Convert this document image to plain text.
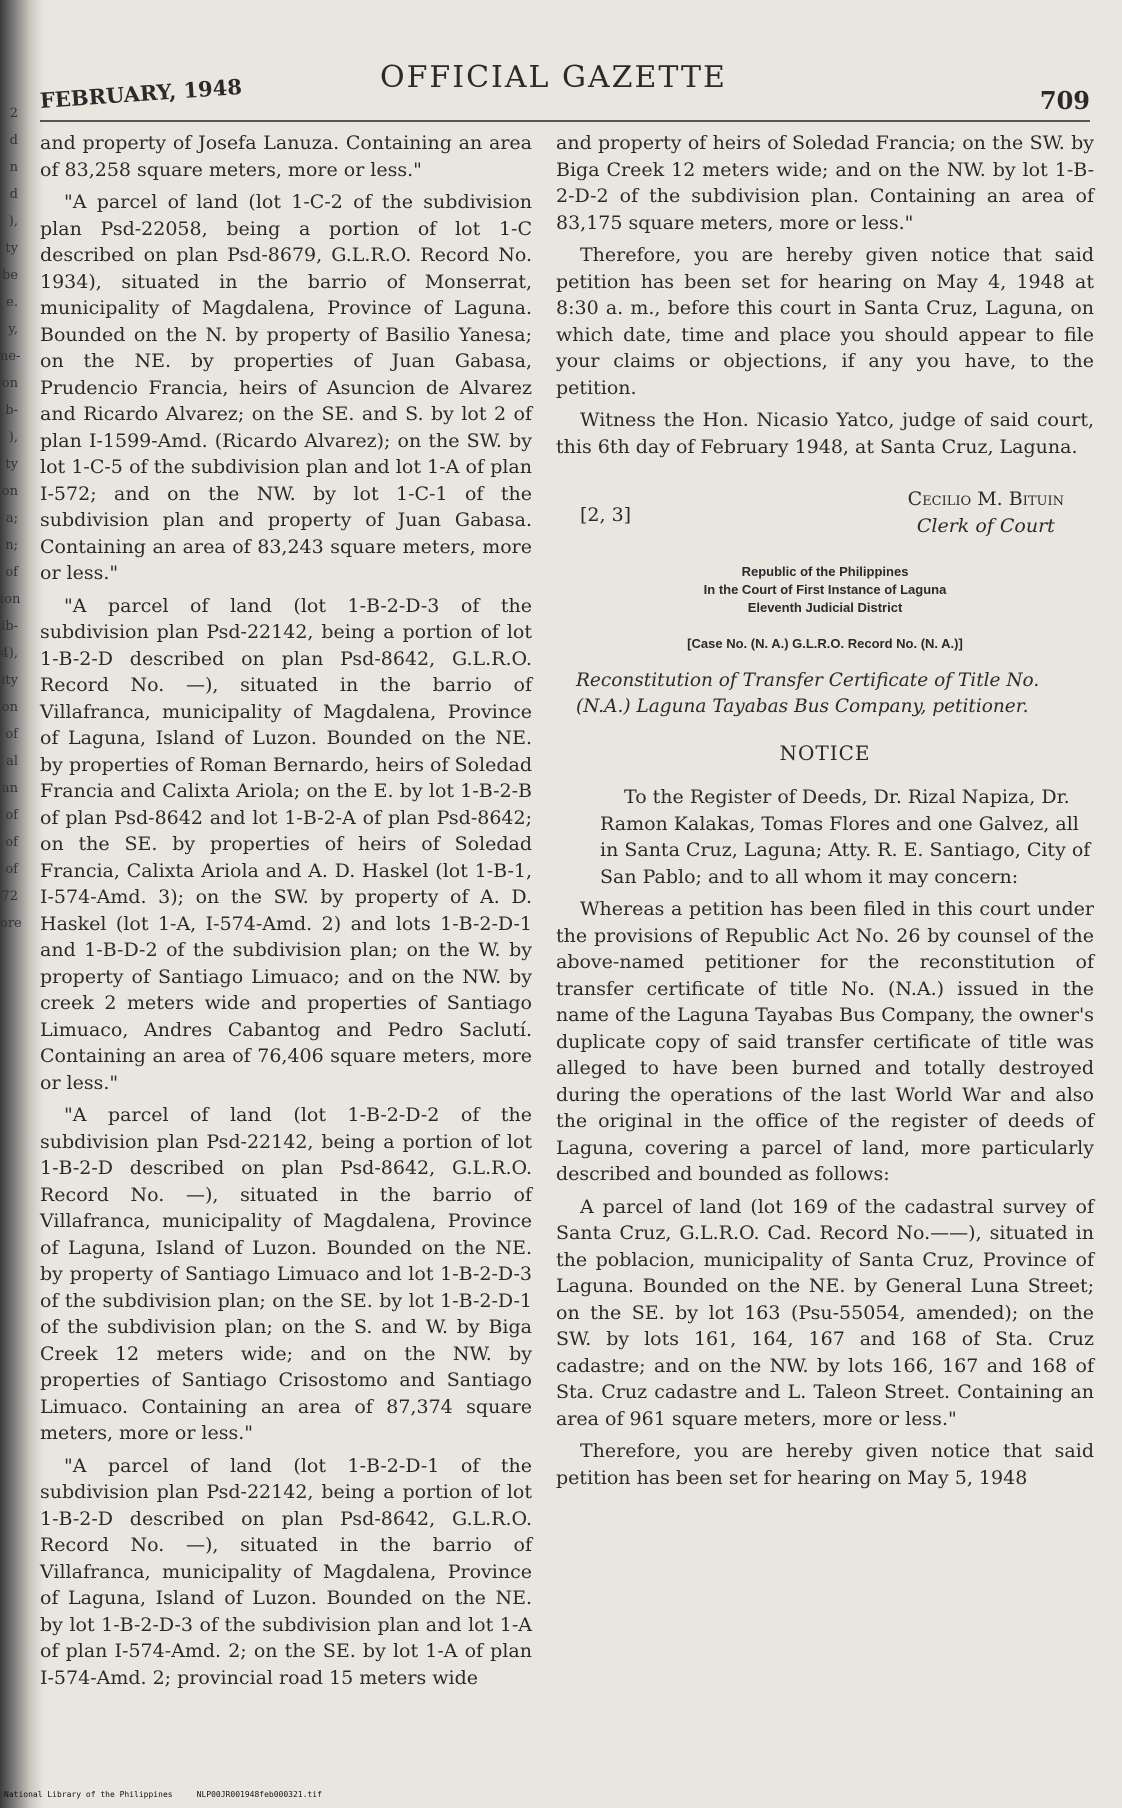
2
d
n
d
),
ty
be
e.
y,
ne-
on
b-
),
ty
on
a;
n;
of
ion
ib-
4),
ity
on
of
al
an
of
of
of
72
ore
FEBRUARY, 1948	OFFICIAL GAZETTE
709

and property of Josefa Lanuza. Containing an area of 83,258 square meters, more or less."

"A parcel of land (lot 1-C-2 of the subdivision plan Psd-22058, being a portion of lot 1-C described on plan Psd-8679, G.L.R.O. Record No. 1934), situated in the barrio of Monserrat, municipality of Magdalena, Province of Laguna. Bounded on the N. by property of Basilio Yanesa; on the NE. by properties of Juan Gabasa, Prudencio Francia, heirs of Asuncion de Alvarez and Ricardo Alvarez; on the SE. and S. by lot 2 of plan I-1599-Amd. (Ricardo Alvarez); on the SW. by lot 1-C-5 of the subdivision plan and lot 1-A of plan I-572; and on the NW. by lot 1-C-1 of the subdivision plan and property of Juan Gabasa. Containing an area of 83,243 square meters, more or less."

"A parcel of land (lot 1-B-2-D-3 of the subdivision plan Psd-22142, being a portion of lot 1-B-2-D described on plan Psd-8642, G.L.R.O. Record No. —), situated in the barrio of Villafranca, municipality of Magdalena, Province of Laguna, Island of Luzon. Bounded on the NE. by properties of Roman Bernardo, heirs of Soledad Francia and Calixta Ariola; on the E. by lot 1-B-2-B of plan Psd-8642 and lot 1-B-2-A of plan Psd-8642; on the SE. by properties of heirs of Soledad Francia, Calixta Ariola and A. D. Haskel (lot 1-B-1, I-574-Amd. 3); on the SW. by property of A. D. Haskel (lot 1-A, I-574-Amd. 2) and lots 1-B-2-D-1 and 1-B-D-2 of the subdivision plan; on the W. by property of Santiago Limuaco; and on the NW. by creek 2 meters wide and properties of Santiago Limuaco, Andres Cabantog and Pedro Saclutí. Containing an area of 76,406 square meters, more or less."

"A parcel of land (lot 1-B-2-D-2 of the subdivision plan Psd-22142, being a portion of lot 1-B-2-D described on plan Psd-8642, G.L.R.O. Record No. —), situated in the barrio of Villafranca, municipality of Magdalena, Province of Laguna, Island of Luzon. Bounded on the NE. by property of Santiago Limuaco and lot 1-B-2-D-3 of the subdivision plan; on the SE. by lot 1-B-2-D-1 of the subdivision plan; on the S. and W. by Biga Creek 12 meters wide; and on the NW. by properties of Santiago Crisostomo and Santiago Limuaco. Containing an area of 87,374 square meters, more or less."

"A parcel of land (lot 1-B-2-D-1 of the subdivision plan Psd-22142, being a portion of lot 1-B-2-D described on plan Psd-8642, G.L.R.O. Record No. —), situated in the barrio of Villafranca, municipality of Magdalena, Province of Laguna, Island of Luzon. Bounded on the NE. by lot 1-B-2-D-3 of the subdivision plan and lot 1-A of plan I-574-Amd. 2; on the SE. by lot 1-A of plan I-574-Amd. 2; provincial road 15 meters wide

and property of heirs of Soledad Francia; on the SW. by Biga Creek 12 meters wide; and on the NW. by lot 1-B-2-D-2 of the subdivision plan. Containing an area of 83,175 square meters, more or less."

Therefore, you are hereby given notice that said petition has been set for hearing on May 4, 1948 at 8:30 a. m., before this court in Santa Cruz, Laguna, on which date, time and place you should appear to file your claims or objections, if any you have, to the petition.

Witness the Hon. Nicasio Yatco, judge of said court, this 6th day of February 1948, at Santa Cruz, Laguna.

[2, 3]
Cecilio M. Bituin
Clerk of Court
Republic of the Philippines
In the Court of First Instance of Laguna
Eleventh Judicial District
[Case No. (N. A.) G.L.R.O. Record No. (N. A.)]
Reconstitution of Transfer Certificate of Title No. (N.A.) Laguna Tayabas Bus Company, petitioner.
NOTICE

To the Register of Deeds, Dr. Rizal Napiza, Dr. Ramon Kalakas, Tomas Flores and one Galvez, all in Santa Cruz, Laguna; Atty. R. E. Santiago, City of San Pablo; and to all whom it may concern:

Whereas a petition has been filed in this court under the provisions of Republic Act No. 26 by counsel of the above-named petitioner for the reconstitution of transfer certificate of title No. (N.A.) issued in the name of the Laguna Tayabas Bus Company, the owner's duplicate copy of said transfer certificate of title was alleged to have been burned and totally destroyed during the operations of the last World War and also the original in the office of the register of deeds of Laguna, covering a parcel of land, more particularly described and bounded as follows:

A parcel of land (lot 169 of the cadastral survey of Santa Cruz, G.L.R.O. Cad. Record No.——), situated in the poblacion, municipality of Santa Cruz, Province of Laguna. Bounded on the NE. by General Luna Street; on the SE. by lot 163 (Psu-55054, amended); on the SW. by lots 161, 164, 167 and 168 of Sta. Cruz cadastre; and on the NW. by lots 166, 167 and 168 of Sta. Cruz cadastre and L. Taleon Street. Containing an area of 961 square meters, more or less."

Therefore, you are hereby given notice that said petition has been set for hearing on May 5, 1948

National Library of the Philippines     NLP00JR001948feb000321.tif
